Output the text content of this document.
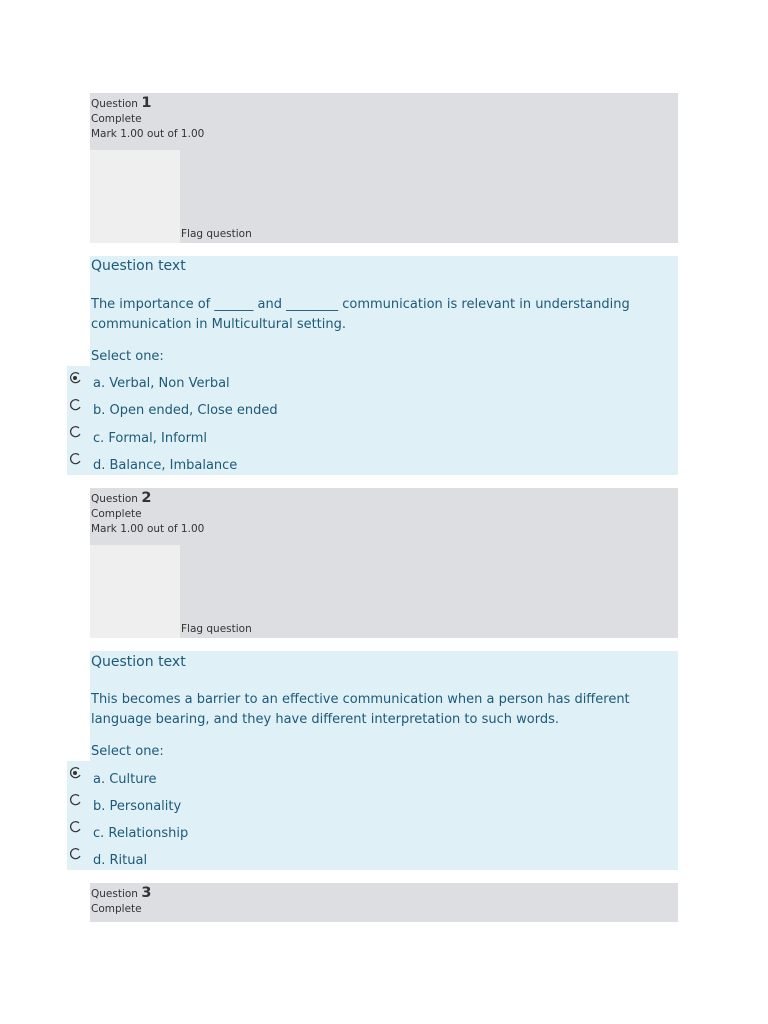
Question 1
Complete
Mark 1.00 out of 1.00
Flag question
Question text
The importance of ______ and ________ communication is relevant in understanding communication in Multicultural setting.
Select one:
a. Verbal, Non Verbal
b. Open ended, Close ended
c. Formal, Informl
d. Balance, Imbalance
Question 2
Complete
Mark 1.00 out of 1.00
Flag question
Question text
This becomes a barrier to an effective communication when a person has different language bearing, and they have different interpretation to such words.
Select one:
a. Culture
b. Personality
c. Relationship
d. Ritual
Question 3
Complete
